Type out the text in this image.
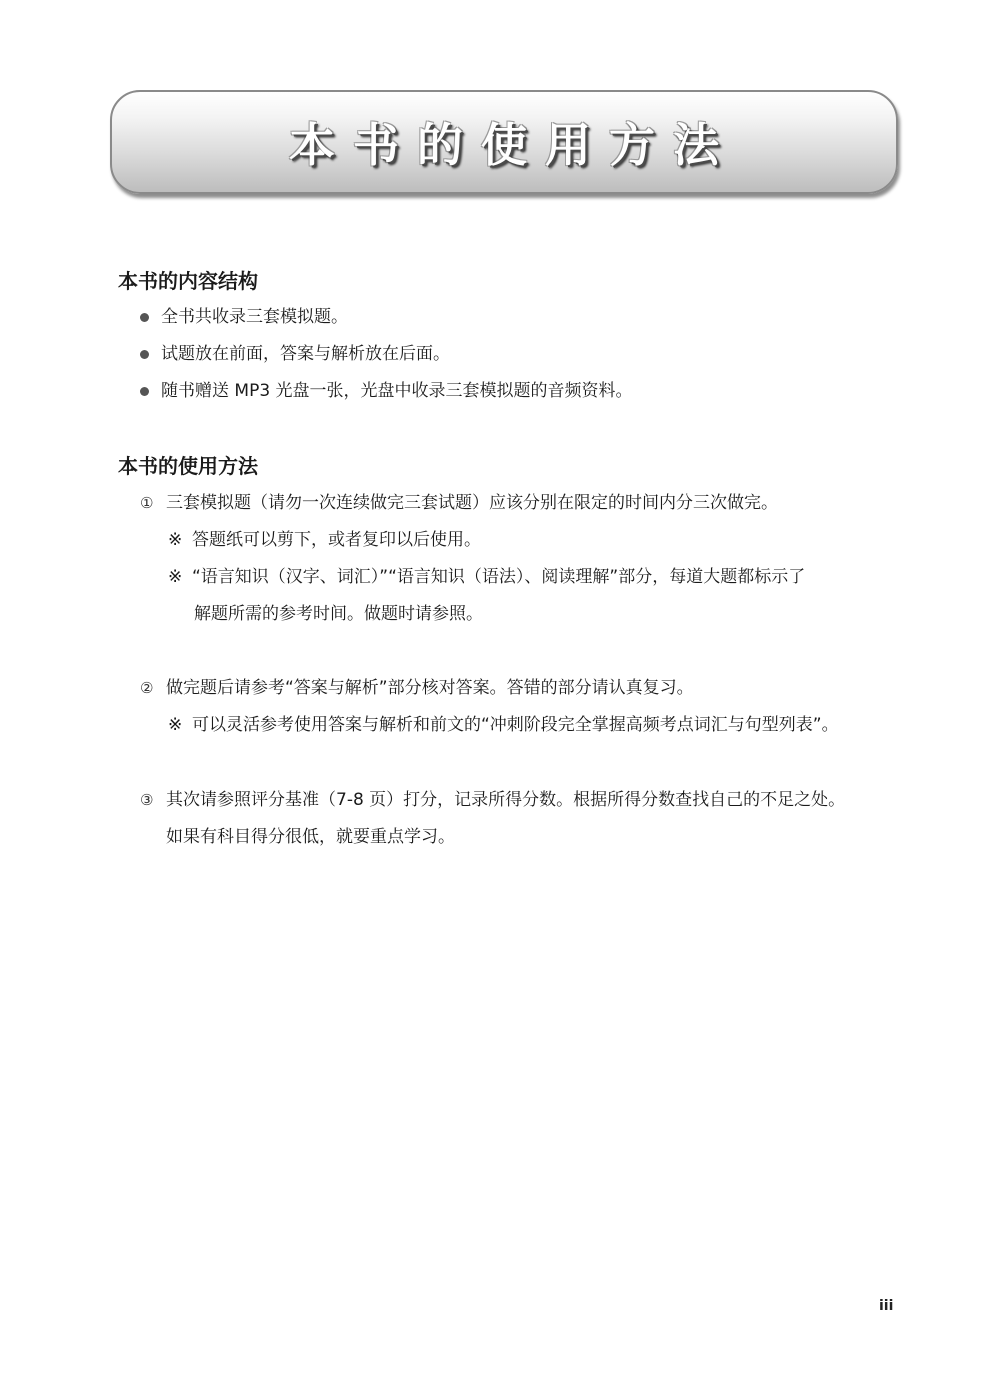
本书的使用方法
本书的内容结构
全书共收录三套模拟题。
试题放在前面，答案与解析放在后面。
随书赠送 MP3 光盘一张，光盘中收录三套模拟题的音频资料。
本书的使用方法
① 三套模拟题（请勿一次连续做完三套试题）应该分别在限定的时间内分三次做完。
※ 答题纸可以剪下，或者复印以后使用。
※ “语言知识（汉字、词汇）”“语言知识（语法）、阅读理解”部分，每道大题都标示了
解题所需的参考时间。做题时请参照。
② 做完题后请参考“答案与解析”部分核对答案。答错的部分请认真复习。
※ 可以灵活参考使用答案与解析和前文的“冲刺阶段完全掌握高频考点词汇与句型列表”。
③ 其次请参照评分基准（7-8 页）打分，记录所得分数。根据所得分数查找自己的不足之处。
如果有科目得分很低，就要重点学习。
iii
